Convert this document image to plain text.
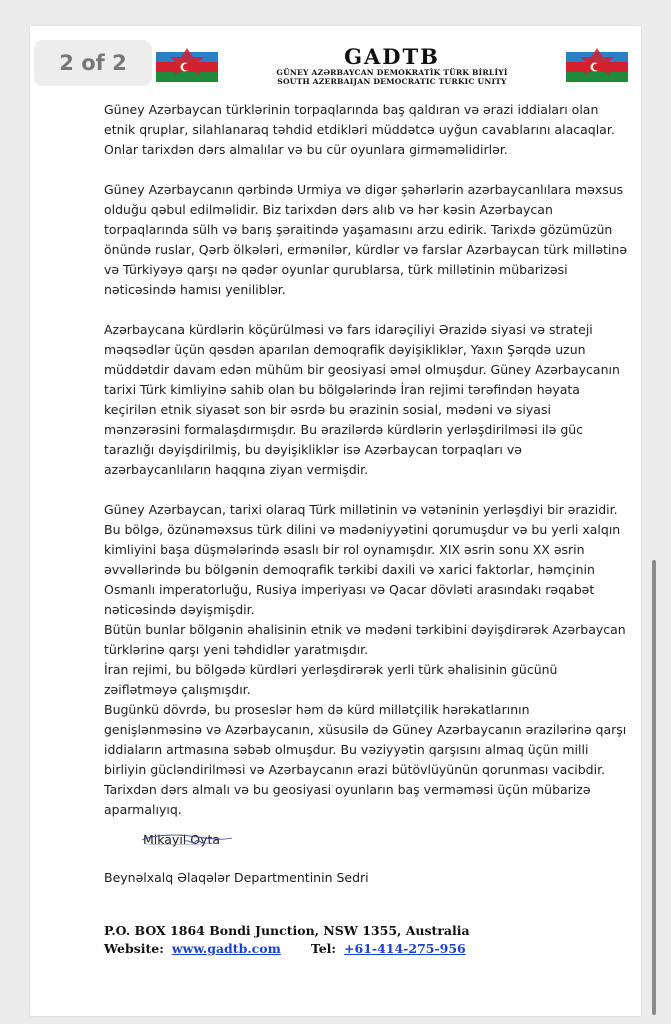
2 of 2	GADTB
GÜNEY AZƏRBAYCAN DEMOKRATİK TÜRK BİRLİYİ
SOUTH AZERBAIJAN DEMOCRATIC TURKIC UNITY

Güney Azərbaycan türklərinin torpaqlarında baş qaldıran və ərazi iddiaları olan etnik qruplar, silahlanaraq təhdid etdikləri müddətcə uyğun cavablarını alacaqlar. Onlar tarixdən dərs almalılar və bu cür oyunlara girməməlidirlər.

Güney Azərbaycanın qərbində Urmiya və digər şəhərlərin azərbaycanlılara məxsus olduğu qəbul edilməlidir. Biz tarixdən dərs alıb və hər kəsin Azərbaycan torpaqlarında sülh və barış şəraitində yaşamasını arzu edirik. Tarixdə gözümüzün önündə ruslar, Qərb ölkələri, ermənilər, kürdlər və farslar Azərbaycan türk millətinə və Türkiyəyə qarşı nə qədər oyunlar qurublarsa, türk millətinin mübarizəsi nəticəsində hamısı yeniliblər.

Azərbaycana kürdlərin köçürülməsi və fars idarəçiliyi Ərazidə siyasi və strateji məqsədlər üçün qəsdən aparılan demoqrafik dəyişikliklər, Yaxın Şərqdə uzun müddətdir davam edən mühüm bir geosiyasi əməl olmuşdur. Güney Azərbaycanın tarixi Türk kimliyinə sahib olan bu bölgələrində İran rejimi tərəfindən həyata keçirilən etnik siyasət son bir əsrdə bu ərazinin sosial, mədəni və siyasi mənzərəsini formalaşdırmışdır. Bu ərazilərdə kürdlərin yerləşdirilməsi ilə güc tarazlığı dəyişdirilmiş, bu dəyişikliklər isə Azərbaycan torpaqları və azərbaycanlıların haqqına ziyan vermişdir.

Güney Azərbaycan, tarixi olaraq Türk millətinin və vətəninin yerləşdiyi bir ərazidir. Bu bölgə, özünəməxsus türk dilini və mədəniyyətini qorumuşdur və bu yerli xalqın kimliyini başa düşmələrində əsaslı bir rol oynamışdır. XIX əsrin sonu XX əsrin əvvəllərində bu bölgənin demoqrafik tərkibi daxili və xarici faktorlar, həmçinin Osmanlı imperatorluğu, Rusiya imperiyası və Qacar dövləti arasındakı rəqabət nəticəsində dəyişmişdir.

Bütün bunlar bölgənin əhalisinin etnik və mədəni tərkibini dəyişdirərək Azərbaycan türklərinə qarşı yeni təhdidlər yaratmışdır.

İran rejimi, bu bölgədə kürdləri yerləşdirərək yerli türk əhalisinin gücünü zəiflətməyə çalışmışdır.

Bugünkü dövrdə, bu proseslər həm də kürd millətçilik hərəkatlarının genişlənməsinə və Azərbaycanın, xüsusilə də Güney Azərbaycanın ərazilərinə qarşı iddiaların artmasına səbəb olmuşdur. Bu vəziyyətin qarşısını almaq üçün milli birliyin gücləndirilməsi və Azərbaycanın ərazi bütövlüyünün qorunması vacibdir. Tarixdən dərs almalı və bu geosiyasi oyunların baş verməməsi üçün mübarizə aparmalıyıq.

Mikayil Oyta
Beynəlxalq Əlaqələr Departmentinin Sedri
P.O. BOX 1864 Bondi Junction, NSW 1355, Australia
Website: www.gadtb.com Tel: +61-414-275-956
